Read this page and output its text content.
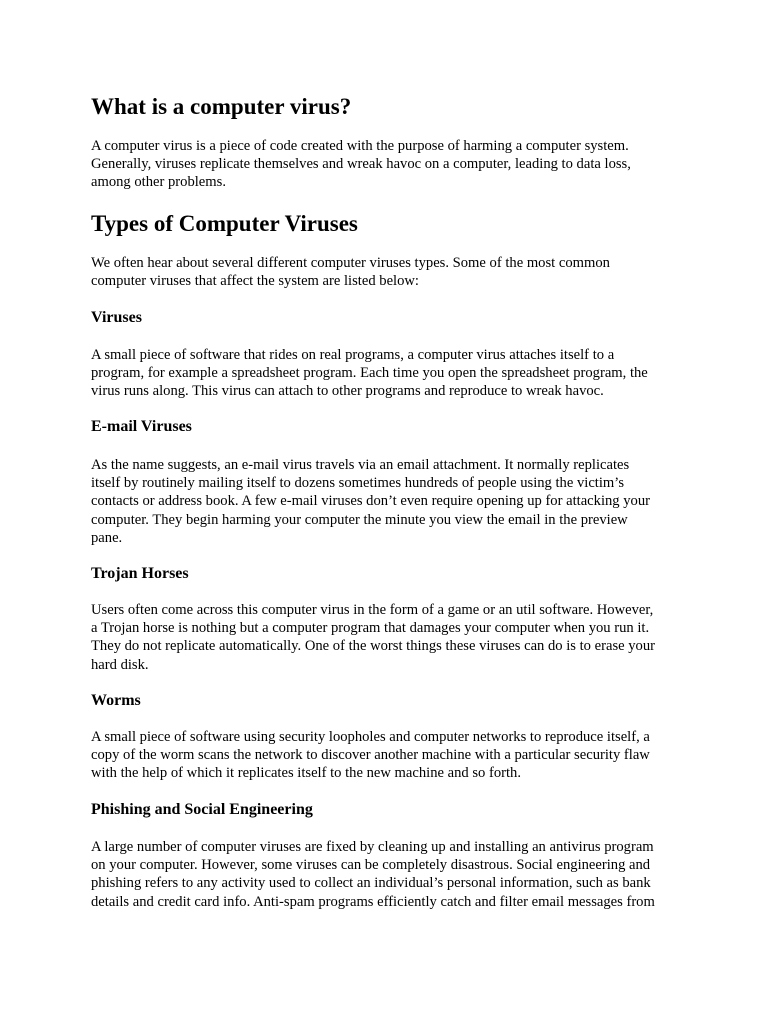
What is a computer virus?
A computer virus is a piece of code created with the purpose of harming a computer system.
Generally, viruses replicate themselves and wreak havoc on a computer, leading to data loss,
among other problems.
Types of Computer Viruses
We often hear about several different computer viruses types. Some of the most common
computer viruses that affect the system are listed below:
Viruses
A small piece of software that rides on real programs, a computer virus attaches itself to a
program, for example a spreadsheet program. Each time you open the spreadsheet program, the
virus runs along. This virus can attach to other programs and reproduce to wreak havoc.
E-mail Viruses
As the name suggests, an e-mail virus travels via an email attachment. It normally replicates
itself by routinely mailing itself to dozens sometimes hundreds of people using the victim’s
contacts or address book. A few e-mail viruses don’t even require opening up for attacking your
computer. They begin harming your computer the minute you view the email in the preview
pane.
Trojan Horses
Users often come across this computer virus in the form of a game or an util software. However,
a Trojan horse is nothing but a computer program that damages your computer when you run it.
They do not replicate automatically. One of the worst things these viruses can do is to erase your
hard disk.
Worms
A small piece of software using security loopholes and computer networks to reproduce itself, a
copy of the worm scans the network to discover another machine with a particular security flaw
with the help of which it replicates itself to the new machine and so forth.
Phishing and Social Engineering
A large number of computer viruses are fixed by cleaning up and installing an antivirus program
on your computer. However, some viruses can be completely disastrous. Social engineering and
phishing refers to any activity used to collect an individual’s personal information, such as bank
details and credit card info. Anti-spam programs efficiently catch and filter email messages from
